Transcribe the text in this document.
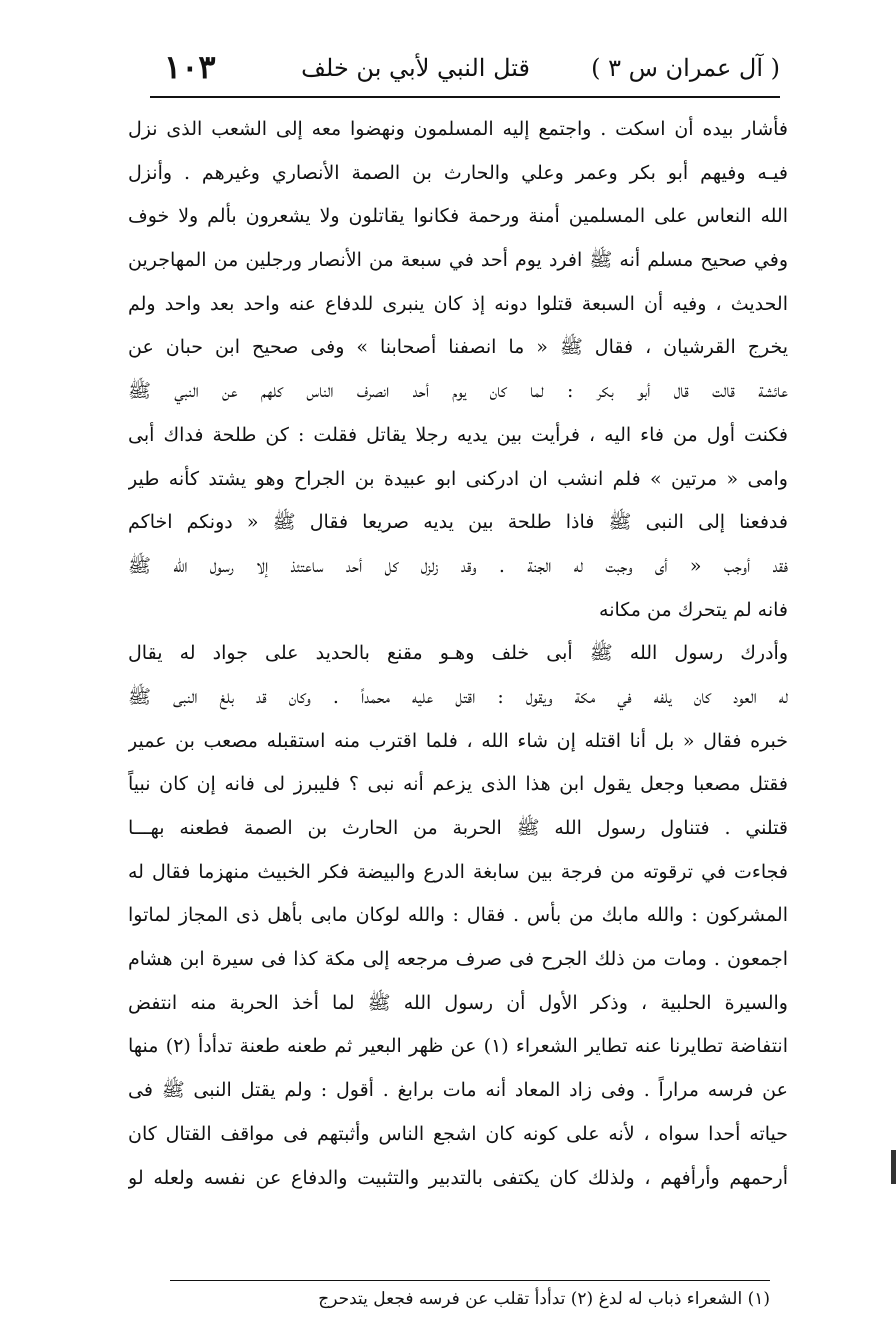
( آل عمران س ٣ )
قتل النبي لأبي بن خلف
١٠٣
فأشار بيده أن اسكت . واجتمع إليه المسلمون ونهضوا معه إلى الشعب الذى نزل
فيـه وفيهم أبو بكر وعمر وعلي والحارث بن الصمة الأنصاري وغيرهم . وأنزل
الله النعاس على المسلمين أمنة ورحمة فكانوا يقاتلون ولا يشعرون بألم ولا خوف
وفي صحيح مسلم أنه ﷺ افرد يوم أحد في سبعة من الأنصار ورجلين من المهاجرين
الحديث ، وفيه أن السبعة قتلوا دونه إذ كان ينبرى للدفاع عنه واحد بعد واحد ولم
يخرج القرشيان ، فقال ﷺ « ما انصفنا أصحابنا » وفى صحيح ابن حبان عن
عائشة قالت قال أبو بكر : لما كان يوم أحد انصرف الناس كلهم عن النبي ﷺ
فكنت أول من فاء اليه ، فرأيت بين يديه رجلا يقاتل فقلت : كن طلحة فداك أبى
وامى « مرتين » فلم انشب ان ادركنى ابو عبيدة بن الجراح وهو يشتد كأنه طير
فدفعنا إلى النبى ﷺ فاذا طلحة بين يديه صريعا فقال ﷺ « دونكم اخاكم
فقد أوجب « أى وجبت له الجنة . وقد زلزل كل أحد ساعتئذ إلا رسول الله ﷺ
فانه لم يتحرك من مكانه
وأدرك رسول الله ﷺ أبى خلف وهـو مقنع بالحديد على جواد له يقال
له العود كان يلفه في مكة ويقول : اقتل عليه محمداً . وكان قد بلغ النبى ﷺ
خبره فقال « بل أنا اقتله إن شاء الله ، فلما اقترب منه استقبله مصعب بن عمير
فقتل مصعبا وجعل يقول ابن هذا الذى يزعم أنه نبى ؟ فليبرز لى فانه إن كان نبياً
قتلني . فتناول رسول الله ﷺ الحربة من الحارث بن الصمة فطعنه بهـــا
فجاءت في ترقوته من فرجة بين سابغة الدرع والبيضة فكر الخبيث منهزما فقال له
المشركون : والله مابك من بأس . فقال : والله لوكان مابى بأهل ذى المجاز لماتوا
اجمعون . ومات من ذلك الجرح فى صرف مرجعه إلى مكة كذا فى سيرة ابن هشام
والسيرة الحلبية ، وذكر الأول أن رسول الله ﷺ لما أخذ الحربة منه انتفض
انتفاضة تطايرنا عنه تطاير الشعراء (١) عن ظهر البعير ثم طعنه طعنة تدأدأ (٢) منها
عن فرسه مراراً . وفى زاد المعاد أنه مات برابغ . أقول : ولم يقتل النبى ﷺ فى
حياته أحدا سواه ، لأنه على كونه كان اشجع الناس وأثبتهم فى مواقف القتال كان
أرحمهم وأرأفهم ، ولذلك كان يكتفى بالتدبير والتثبيت والدفاع عن نفسه ولعله لو
(١) الشعراء ذباب له لدغ (٢) تدأدأ تقلب عن فرسه فجعل يتدحرج
